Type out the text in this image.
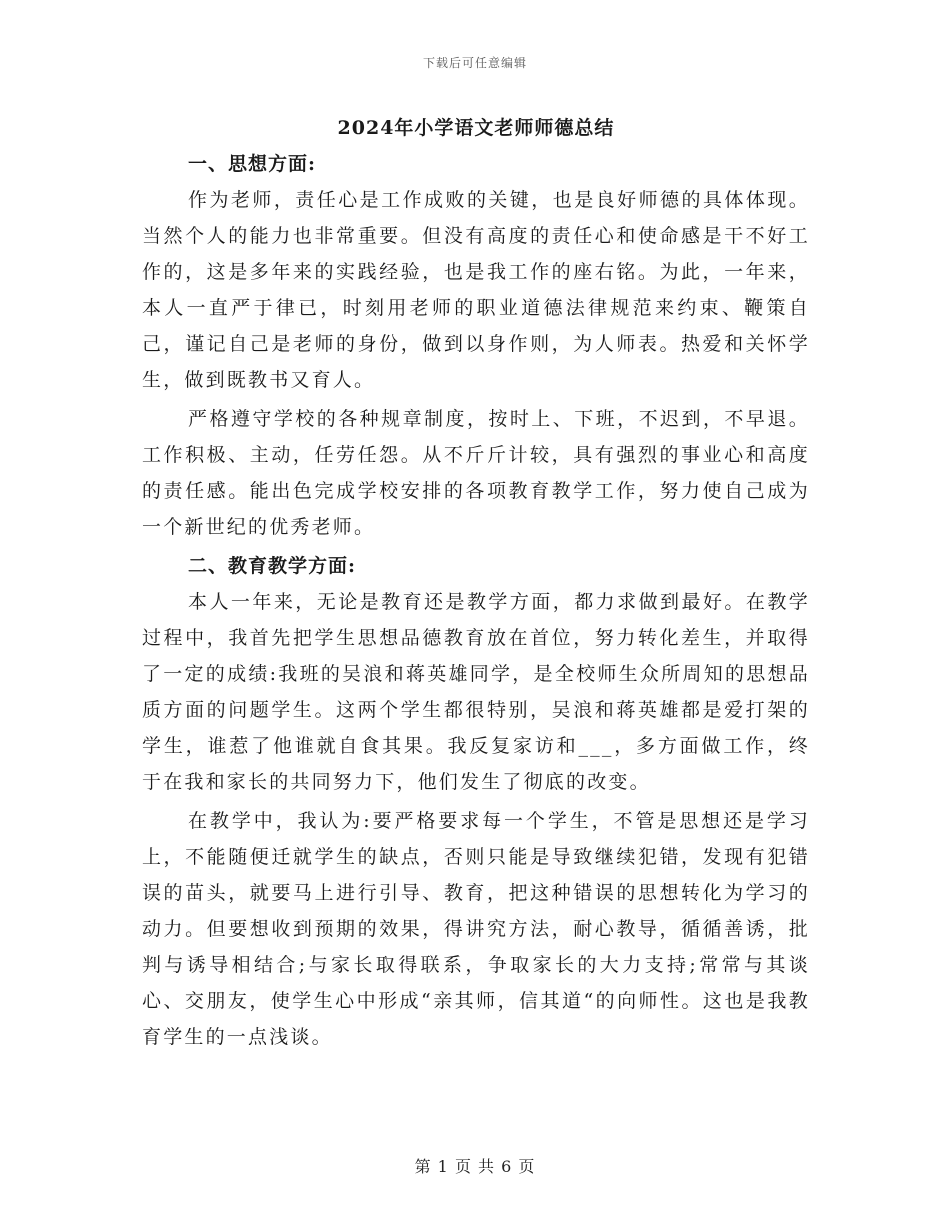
下载后可任意编辑
2024年小学语文老师师德总结
一、思想方面:

作为老师，责任心是工作成败的关键，也是良好师德的具体体现。当然个人的能力也非常重要。但没有高度的责任心和使命感是干不好工作的，这是多年来的实践经验，也是我工作的座右铭。为此，一年来，本人一直严于律已，时刻用老师的职业道德法律规范来约束、鞭策自己，谨记自己是老师的身份，做到以身作则，为人师表。热爱和关怀学生，做到既教书又育人。

严格遵守学校的各种规章制度，按时上、下班，不迟到，不早退。工作积极、主动，任劳任怨。从不斤斤计较，具有强烈的事业心和高度的责任感。能出色完成学校安排的各项教育教学工作，努力使自己成为一个新世纪的优秀老师。

二、教育教学方面:

本人一年来，无论是教育还是教学方面，都力求做到最好。在教学过程中，我首先把学生思想品德教育放在首位，努力转化差生，并取得了一定的成绩:我班的吴浪和蒋英雄同学，是全校师生众所周知的思想品质方面的问题学生。这两个学生都很特别，吴浪和蒋英雄都是爱打架的学生，谁惹了他谁就自食其果。我反复家访和___，多方面做工作，终于在我和家长的共同努力下，他们发生了彻底的改变。

在教学中，我认为:要严格要求每一个学生，不管是思想还是学习上，不能随便迁就学生的缺点，否则只能是导致继续犯错，发现有犯错误的苗头，就要马上进行引导、教育，把这种错误的思想转化为学习的动力。但要想收到预期的效果，得讲究方法，耐心教导，循循善诱，批判与诱导相结合;与家长取得联系，争取家长的大力支持;常常与其谈心、交朋友，使学生心中形成“亲其师，信其道“的向师性。这也是我教育学生的一点浅谈。

第 1 页 共 6 页
